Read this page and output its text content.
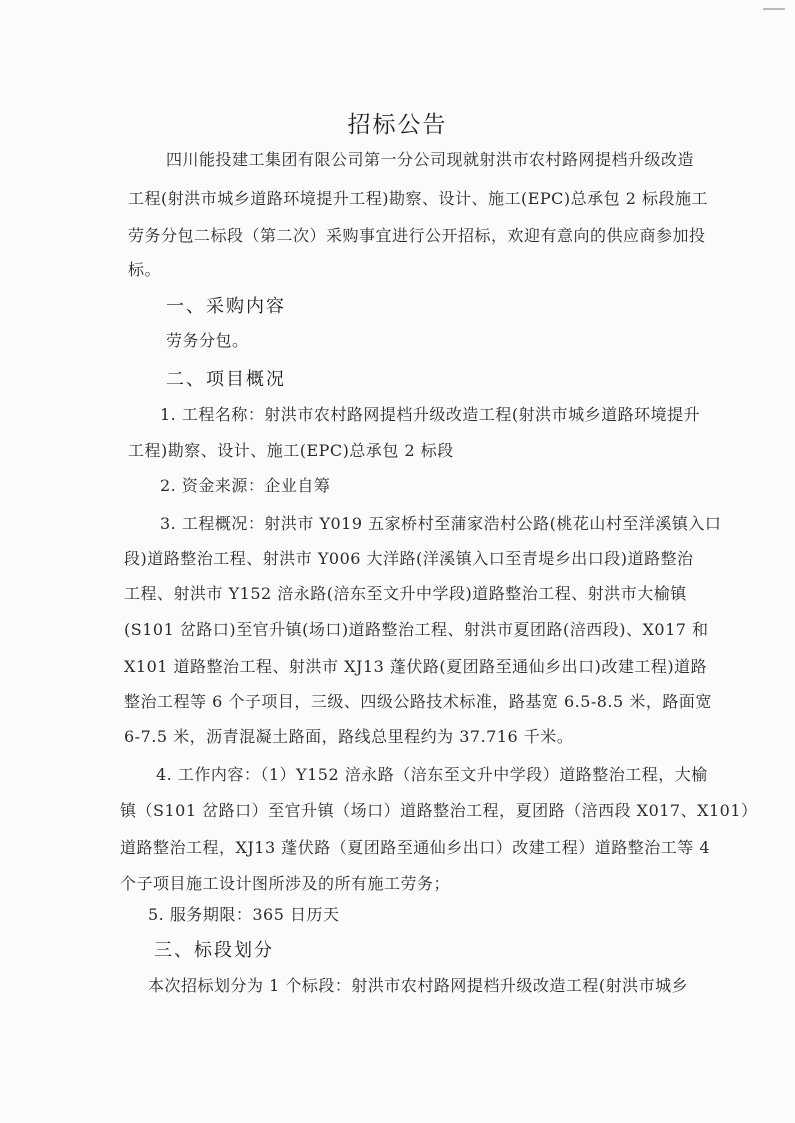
招标公告
四川能投建工集团有限公司第一分公司现就射洪市农村路网提档升级改造
工程(射洪市城乡道路环境提升工程)勘察、设计、施工(EPC)总承包 2 标段施工
劳务分包二标段（第二次）采购事宜进行公开招标，欢迎有意向的供应商参加投
标。
一、采购内容
劳务分包。
二、项目概况
1. 工程名称：射洪市农村路网提档升级改造工程(射洪市城乡道路环境提升
工程)勘察、设计、施工(EPC)总承包 2 标段
2. 资金来源：企业自筹
3. 工程概况：射洪市 Y019 五家桥村至蒲家浩村公路(桃花山村至洋溪镇入口
段)道路整治工程、射洪市 Y006 大洋路(洋溪镇入口至青堤乡出口段)道路整治
工程、射洪市 Y152 涪永路(涪东至文升中学段)道路整治工程、射洪市大榆镇
(S101 岔路口)至官升镇(场口)道路整治工程、射洪市夏团路(涪西段)、X017 和
X101 道路整治工程、射洪市 XJ13 蓬伏路(夏团路至通仙乡出口)改建工程)道路
整治工程等 6 个子项目，三级、四级公路技术标准，路基宽 6.5-8.5 米，路面宽
6-7.5 米，沥青混凝土路面，路线总里程约为 37.716 千米。
4. 工作内容：（1）Y152 涪永路（涪东至文升中学段）道路整治工程，大榆
镇（S101 岔路口）至官升镇（场口）道路整治工程，夏团路（涪西段 X017、X101）
道路整治工程，XJ13 蓬伏路（夏团路至通仙乡出口）改建工程）道路整治工等 4
个子项目施工设计图所涉及的所有施工劳务；
5. 服务期限：365 日历天
三、标段划分
本次招标划分为 1 个标段：射洪市农村路网提档升级改造工程(射洪市城乡
